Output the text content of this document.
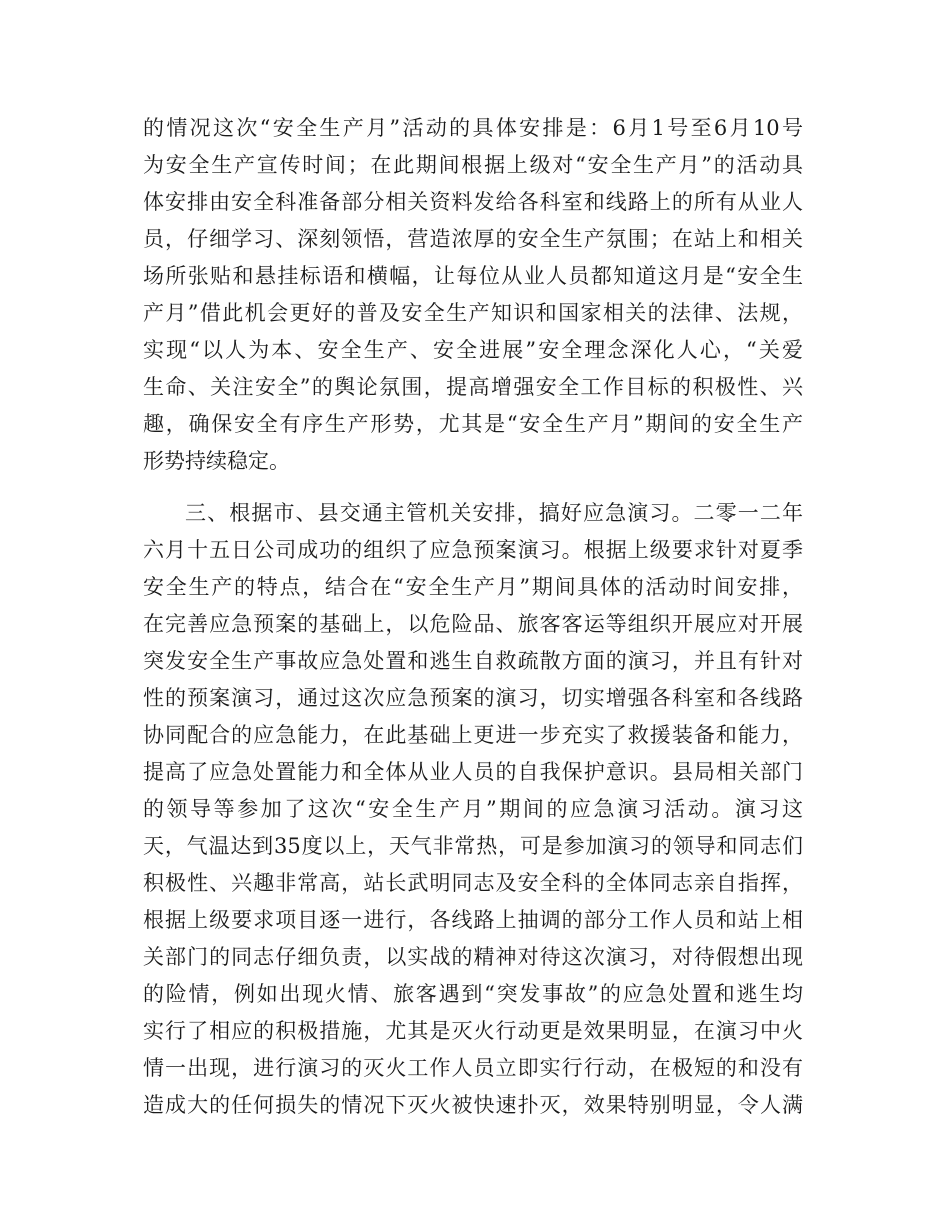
的情况这次“安全生产月”活动的具体安排是：6月1号至6月10号
为安全生产宣传时间；在此期间根据上级对“安全生产月”的活动具
体安排由安全科准备部分相关资料发给各科室和线路上的所有从业人
员，仔细学习、深刻领悟，营造浓厚的安全生产氛围；在站上和相关
场所张贴和悬挂标语和横幅，让每位从业人员都知道这月是“安全生
产月”借此机会更好的普及安全生产知识和国家相关的法律、法规，
实现“以人为本、安全生产、安全进展”安全理念深化人心，“关爱
生命、关注安全”的舆论氛围，提高增强安全工作目标的积极性、兴
趣，确保安全有序生产形势，尤其是“安全生产月”期间的安全生产
形势持续稳定。
三、根据市、县交通主管机关安排，搞好应急演习。二零一二年
六月十五日公司成功的组织了应急预案演习。根据上级要求针对夏季
安全生产的特点，结合在“安全生产月”期间具体的活动时间安排，
在完善应急预案的基础上，以危险品、旅客客运等组织开展应对开展
突发安全生产事故应急处置和逃生自救疏散方面的演习，并且有针对
性的预案演习，通过这次应急预案的演习，切实增强各科室和各线路
协同配合的应急能力，在此基础上更进一步充实了救援装备和能力，
提高了应急处置能力和全体从业人员的自我保护意识。县局相关部门
的领导等参加了这次“安全生产月”期间的应急演习活动。演习这
天，气温达到35度以上，天气非常热，可是参加演习的领导和同志们
积极性、兴趣非常高，站长武明同志及安全科的全体同志亲自指挥，
根据上级要求项目逐一进行，各线路上抽调的部分工作人员和站上相
关部门的同志仔细负责，以实战的精神对待这次演习，对待假想出现
的险情，例如出现火情、旅客遇到“突发事故”的应急处置和逃生均
实行了相应的积极措施，尤其是灭火行动更是效果明显，在演习中火
情一出现，进行演习的灭火工作人员立即实行行动，在极短的和没有
造成大的任何损失的情况下灭火被快速扑灭，效果特别明显，令人满
